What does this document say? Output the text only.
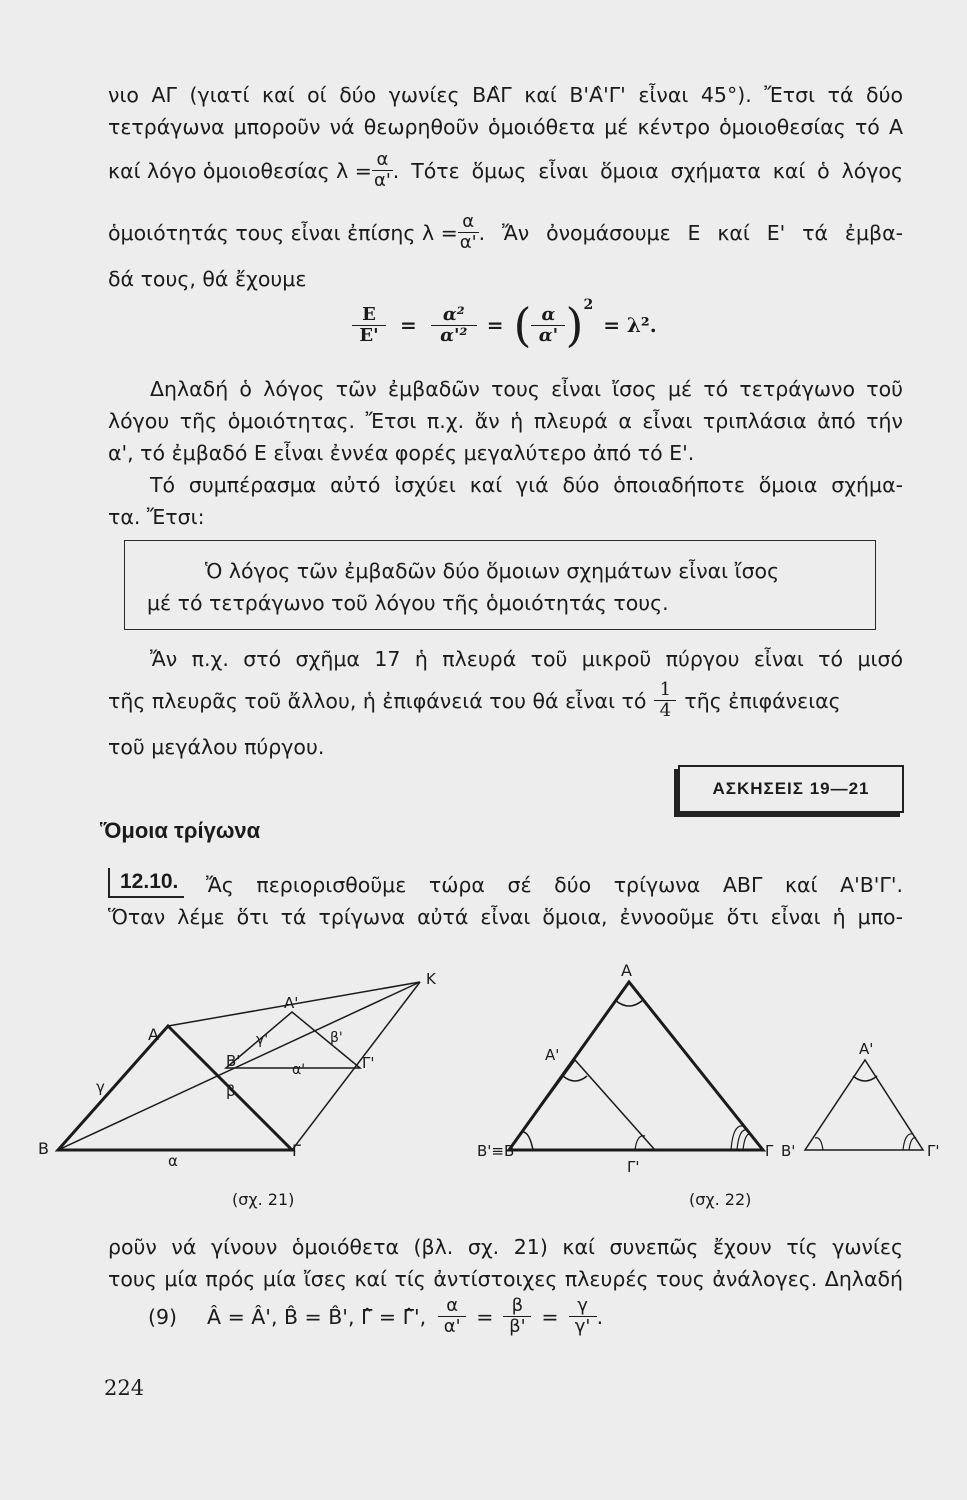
νιο ΑΓ (γιατί καί οί δύο γωνίες ΒΑ̂Γ καί Β'Α̂'Γ' εἶναι 45°). Ἔτσι τά δύο
τετράγωνα μποροῦν νά θεωρηθοῦν ὁμοιόθετα μέ κέντρο ὁμοιοθεσίας τό Α
καί λόγο ὁμοιοθεσίας $\lambda = \frac{\alpha}{\alpha'}$ . Τότε ὅμως εἶναι ὅμοια σχήματα καί ὁ λόγος
ὁμοιότητάς τους εἶναι ἐπίσης $\lambda = \frac{\alpha}{\alpha'}$ . Ἄν ὀνομάσουμε Ε καί Ε' τά ἐμβα-
δά τους, θά ἔχουμε
$\frac{E}{E'} = \frac{\text{α²}}{\text{α'²}}$ = ( $\frac{\alpha}{\alpha'}$ ) 2
= λ².
Δηλαδή ὁ λόγος τῶν ἐμβαδῶν τους εἶναι ἴσος μέ τό τετράγωνο τοῦ
λόγου τῆς ὁμοιότητας. Ἔτσι π.χ. ἄν ἡ πλευρά α εἶναι τριπλάσια ἀπό τήν
α', τό ἐμβαδό Ε εἶναι ἐννέα φορές μεγαλύτερο ἀπό τό Ε'.
Τό συμπέρασμα αὐτό ἰσχύει καί γιά δύο ὁποιαδήποτε ὅμοια σχήμα-
τα. Ἔτσι:
Ὁ λόγος τῶν ἐμβαδῶν δύο ὅμοιων σχημάτων εἶναι ἴσος
μέ τό τετράγωνο τοῦ λόγου τῆς ὁμοιότητάς τους.
Ἄν π.χ. στό σχῆμα 17 ἡ πλευρά τοῦ μικροῦ πύργου εἶναι τό μισό
τῆς πλευρᾶς τοῦ ἄλλου, ἡ ἐπιφάνειά του θά εἶναι τό $\frac{1}{4}$ τῆς ἐπιφάνειας
τοῦ μεγάλου πύργου.
ΑΣΚΗΣΕΙΣ 19—21
Ὅμοια τρίγωνα
12.10. Ἄς περιορισθοῦμε τώρα σέ δύο τρίγωνα ΑΒΓ καί Α'Β'Γ'.
Ὅταν λέμε ὅτι τά τρίγωνα αὐτά εἶναι ὅμοια, ἐννοοῦμε ὅτι εἶναι ἡ μπο-
K
A
A'
B'	Γ'
B	Γ
α
α'
β
β'
γ
γ'
(σχ. 21)
A
A'
B'≡B
Γ'
Γ
A'
B'	Γ'
(σχ. 22)
ροῦν νά γίνουν ὁμοιόθετα (βλ. σχ. 21) καί συνεπῶς ἔχουν τίς γωνίες
τους μία πρός μία ἴσες καί τίς ἀντίστοιχες πλευρές τους ἀνάλογες. Δηλαδή
(9) Â = Â', B̂ = B̂', Γ̂ = Γ̂', $\frac{\alpha}{\alpha'} = \frac{\beta}{\beta'} = \frac{\gamma}{\gamma'}$ .
224
